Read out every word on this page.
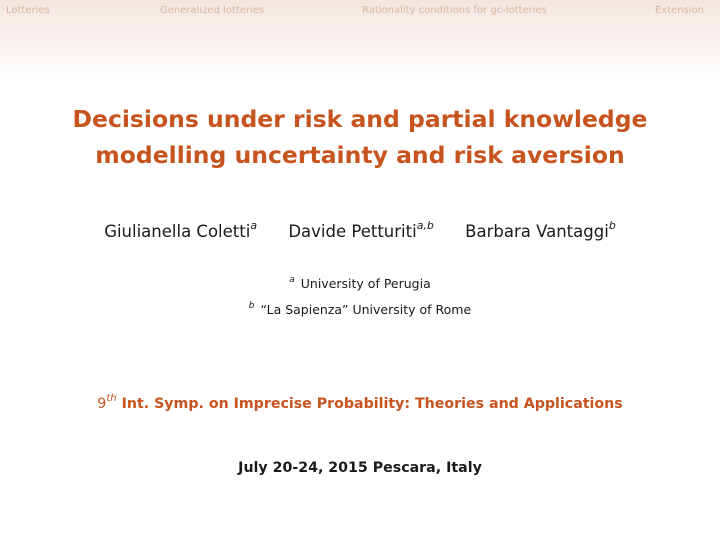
Lotteries	Generalized lotteries	Rationality conditions for gc-lotteries	Extension
Decisions under risk and partial knowledge
modelling uncertainty and risk aversion
Giulianella Coletti$^a$ Davide Petturiti$^{a,b}$ Barbara Vantaggi$^b$
$^a$ University of Perugia
$^b$ “La Sapienza” University of Rome
9th Int. Symp. on Imprecise Probability: Theories and Applications
July 20-24, 2015 Pescara, Italy
